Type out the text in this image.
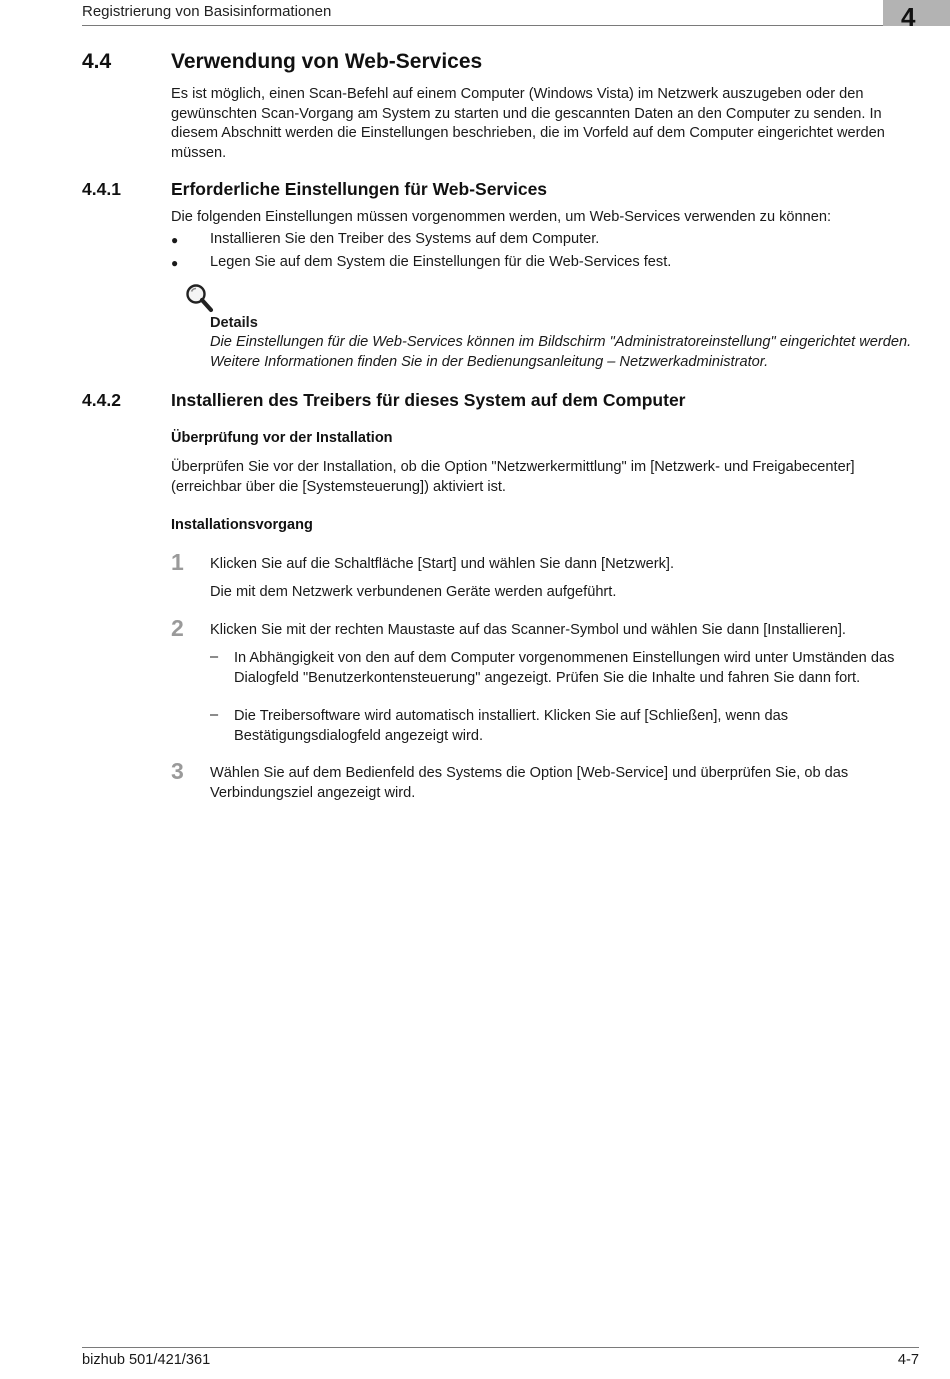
Registrierung von Basisinformationen	4
4.4	Verwendung von Web-Services
Es ist möglich, einen Scan-Befehl auf einem Computer (Windows Vista) im Netzwerk auszugeben oder den gewünschten Scan-Vorgang am System zu starten und die gescannten Daten an den Computer zu senden. In diesem Abschnitt werden die Einstellungen beschrieben, die im Vorfeld auf dem Computer eingerichtet werden müssen.
4.4.1	Erforderliche Einstellungen für Web-Services
Die folgenden Einstellungen müssen vorgenommen werden, um Web-Services verwenden zu können:
● Installieren Sie den Treiber des Systems auf dem Computer.
● Legen Sie auf dem System die Einstellungen für die Web-Services fest.
Details
Die Einstellungen für die Web-Services können im Bildschirm "Administratoreinstellung" eingerichtet werden. Weitere Informationen finden Sie in der Bedienungsanleitung – Netzwerkadministrator.
4.4.2	Installieren des Treibers für dieses System auf dem Computer
Überprüfung vor der Installation
Überprüfen Sie vor der Installation, ob die Option "Netzwerkermittlung" im [Netzwerk- und Freigabecenter] (erreichbar über die [Systemsteuerung]) aktiviert ist.
Installationsvorgang
1 Klicken Sie auf die Schaltfläche [Start] und wählen Sie dann [Netzwerk].
Die mit dem Netzwerk verbundenen Geräte werden aufgeführt.
2 Klicken Sie mit der rechten Maustaste auf das Scanner-Symbol und wählen Sie dann [Installieren].
– In Abhängigkeit von den auf dem Computer vorgenommenen Einstellungen wird unter Umständen das Dialogfeld "Benutzerkontensteuerung" angezeigt. Prüfen Sie die Inhalte und fahren Sie dann fort.
– Die Treibersoftware wird automatisch installiert. Klicken Sie auf [Schließen], wenn das Bestätigungsdialogfeld angezeigt wird.
3 Wählen Sie auf dem Bedienfeld des Systems die Option [Web-Service] und überprüfen Sie, ob das Verbindungsziel angezeigt wird.
bizhub 501/421/361	4-7
